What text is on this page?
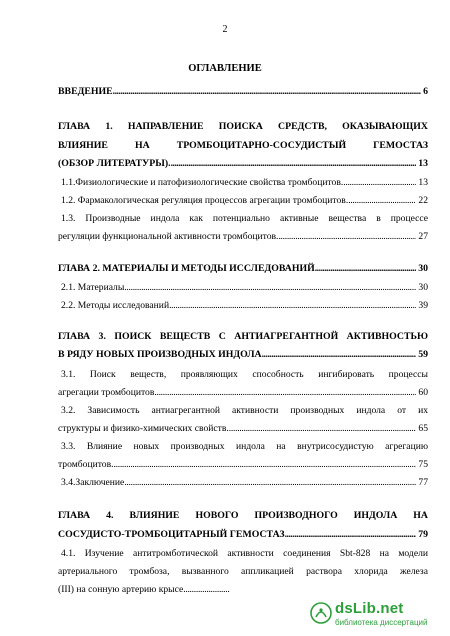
2
ОГЛАВЛЕНИЕ
ВВЕДЕНИЕ .....	6
ГЛАВА 1. НАПРАВЛЕНИЕ ПОИСКА СРЕДСТВ, ОКАЗЫВАЮЩИХ
ВЛИЯНИЕ НА ТРОМБОЦИТАРНО-СОСУДИСТЫЙ ГЕМОСТАЗ
(ОБЗОР ЛИТЕРАТУРЫ). .....	13
1.1.Физиологические и патофизиологические свойства тромбоцитов. .....	13
1.2. Фармакологическая регуляция процессов агрегации тромбоцитов. .....	22
1.3. Производные индола как потенциально активные вещества в процессе
регуляции функциональной активности тромбоцитов. .....	27
ГЛАВА 2. МАТЕРИАЛЫ И МЕТОДЫ ИССЛЕДОВАНИЙ .....	30
2.1. Материалы .....	30
2.2. Методы исследований .....	39
ГЛАВА 3. ПОИСК ВЕЩЕСТВ С АНТИАГРЕГАНТНОЙ АКТИВНОСТЬЮ
В РЯДУ НОВЫХ ПРОИЗВОДНЫХ ИНДОЛА .....	59
3.1. Поиск веществ, проявляющих способность ингибировать процессы
агрегации тромбоцитов .....	60
3.2. Зависимость антиагрегантной активности производных индола от их
структуры и физико-химических свойств. .....	65
3.3. Влияние новых производных индола на внутрисосудистую агрегацию
тромбоцитов. .....	75
3.4.Заключение .....	77
ГЛАВА 4. ВЛИЯНИЕ НОВОГО ПРОИЗВОДНОГО ИНДОЛА НА
СОСУДИСТО-ТРОМБОЦИТАРНЫЙ ГЕМОСТАЗ .....	79
4.1. Изучение антитромботической активности соединения Sbt-828 на модели
артериального тромбоза, вызванного аппликацией раствора хлорида железа
(III) на сонную артерию крысе......................
dsLib.net
библиотека диссертаций
